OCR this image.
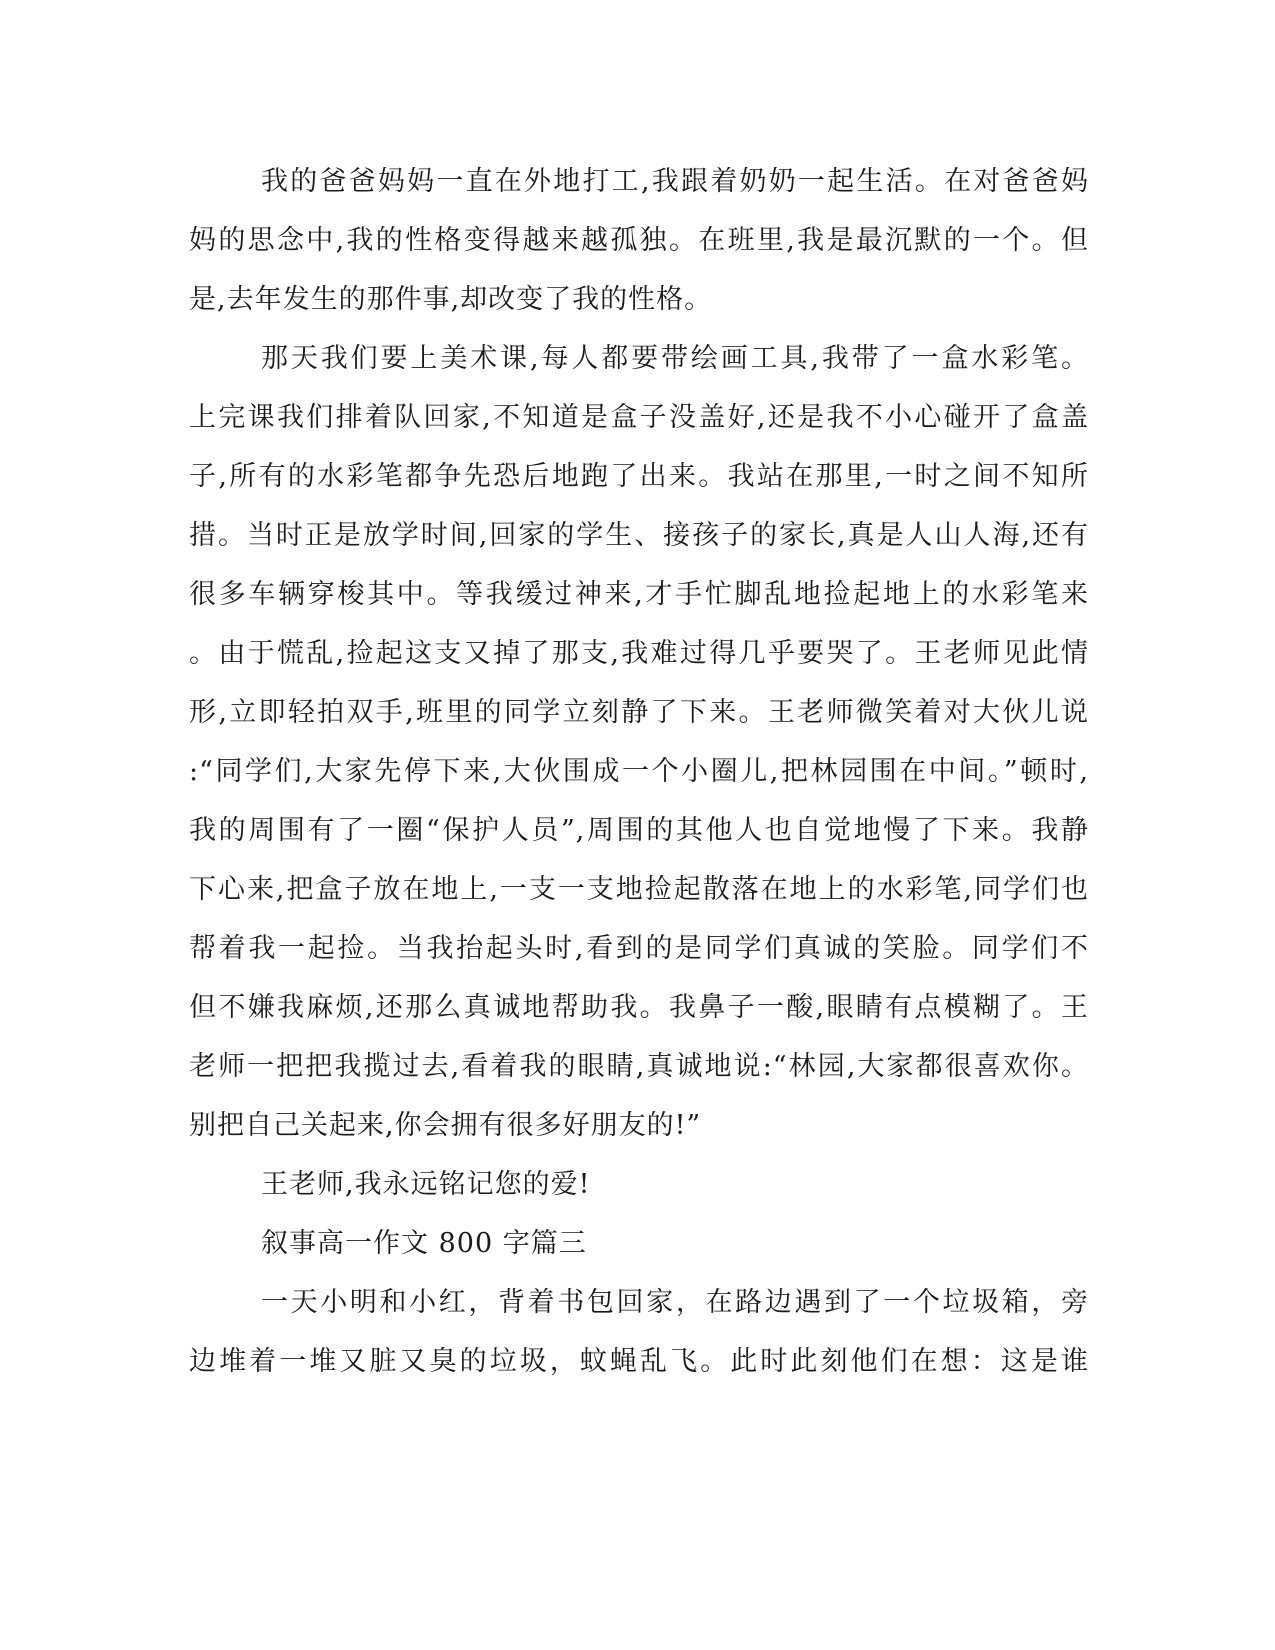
我的爸爸妈妈一直在外地打工,我跟着奶奶一起生活。在对爸爸妈
妈的思念中,我的性格变得越来越孤独。在班里,我是最沉默的一个。但
是,去年发生的那件事,却改变了我的性格。
那天我们要上美术课,每人都要带绘画工具,我带了一盒水彩笔。
上完课我们排着队回家,不知道是盒子没盖好,还是我不小心碰开了盒盖
子,所有的水彩笔都争先恐后地跑了出来。我站在那里,一时之间不知所
措。当时正是放学时间,回家的学生、接孩子的家长,真是人山人海,还有
很多车辆穿梭其中。等我缓过神来,才手忙脚乱地捡起地上的水彩笔来
。由于慌乱,捡起这支又掉了那支,我难过得几乎要哭了。王老师见此情
形,立即轻拍双手,班里的同学立刻静了下来。王老师微笑着对大伙儿说
:“同学们,大家先停下来,大伙围成一个小圈儿,把林园围在中间。”顿时,
我的周围有了一圈“保护人员”,周围的其他人也自觉地慢了下来。我静
下心来,把盒子放在地上,一支一支地捡起散落在地上的水彩笔,同学们也
帮着我一起捡。当我抬起头时,看到的是同学们真诚的笑脸。同学们不
但不嫌我麻烦,还那么真诚地帮助我。我鼻子一酸,眼睛有点模糊了。王
老师一把把我揽过去,看着我的眼睛,真诚地说:“林园,大家都很喜欢你。
别把自己关起来,你会拥有很多好朋友的!”
王老师,我永远铭记您的爱!
叙事高一作文 800 字篇三
一天小明和小红，背着书包回家，在路边遇到了一个垃圾箱，旁
边堆着一堆又脏又臭的垃圾，蚊蝇乱飞。此时此刻他们在想：这是谁
